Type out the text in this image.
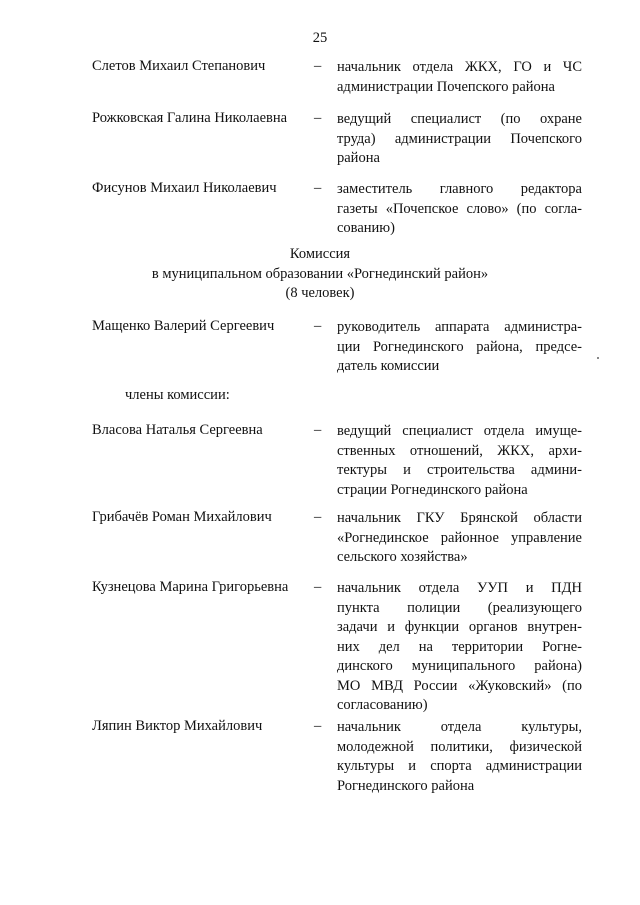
25
Слетов Михаил Степанович	– начальник отдела ЖКХ, ГО и ЧС
администрации Почепского района
Рожковская Галина Николаевна – ведущий специалист (по охране
труда) администрации Почепского
района
Фисунов Михаил Николаевич	– заместитель главного редактора
газеты «Почепское слово» (по согла-
сованию)
Комиссия
в муниципальном образовании «Рогнединский район»
(8 человек)
Мащенко Валерий Сергеевич	– руководитель аппарата администра-
ции Рогнединского района, предсе-
датель комиссии
члены комиссии:
Власова Наталья Сергеевна	– ведущий специалист отдела имуще-
ственных отношений, ЖКХ, архи-
тектуры и строительства админи-
страции Рогнединского района
Грибачёв Роман Михайлович	– начальник ГКУ Брянской области
«Рогнединское районное управление
сельского хозяйства»
Кузнецова Марина Григорьевна – начальник отдела УУП и ПДН
пункта полиции (реализующего
задачи и функции органов внутрен-
них дел на территории Рогне-
динского муниципального района)
МО МВД России «Жуковский» (по
согласованию)
Ляпин Виктор Михайлович	– начальник отдела культуры,
молодежной политики, физической
культуры и спорта администрации
Рогнединского района
